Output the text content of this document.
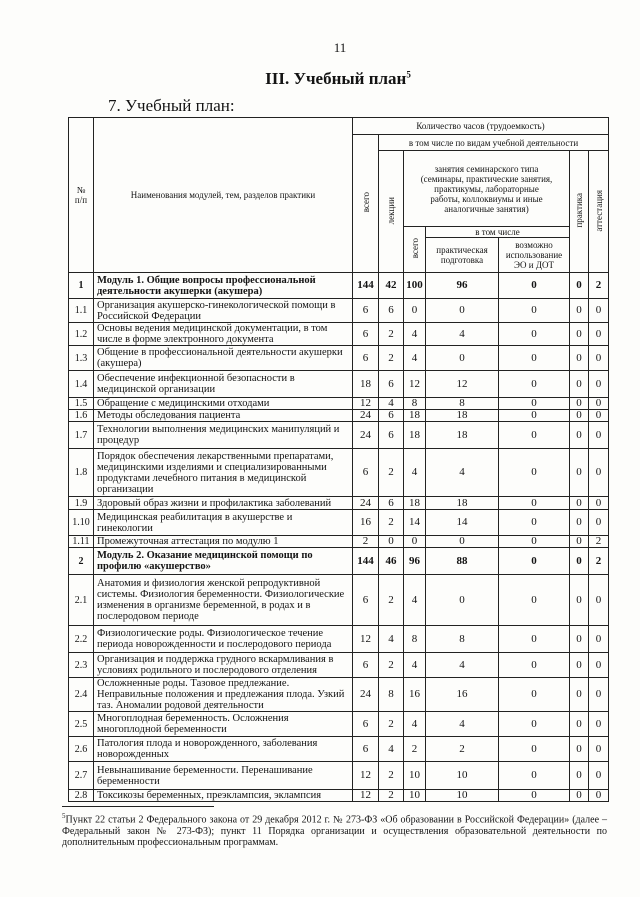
11
III. Учебный план$^5$
7. Учебный план:
№ п/п	Наименования модулей, тем, разделов практики	Количество часов (трудоемкость)						
		всего	в том числе по видам учебной деятельности					
			лекции	занятия семинарского типа (семинары, практические занятия, практикумы, лабораторные работы, коллоквиумы и иные аналогичные занятия)			практика	аттестация
				всего	в том числе			
					практическая подготовка	возможно использование ЭО и ДОТ		
1	Модуль 1. Общие вопросы профессиональной деятельности акушерки (акушера)	144	42	100	96	0	0	2
1.1	Организация акушерско-гинекологической помощи в Российской Федерации	6	6	0	0	0	0	0
1.2	Основы ведения медицинской документации, в том числе в форме электронного документа	6	2	4	4	0	0	0
1.3	Общение в профессиональной деятельности акушерки (акушера)	6	2	4	0	0	0	0
1.4	Обеспечение инфекционной безопасности в медицинской организации	18	6	12	12	0	0	0
1.5	Обращение с медицинскими отходами	12	4	8	8	0	0	0
1.6	Методы обследования пациента	24	6	18	18	0	0	0
1.7	Технологии выполнения медицинских манипуляций и процедур	24	6	18	18	0	0	0
1.8	Порядок обеспечения лекарственными препаратами, медицинскими изделиями и специализированными продуктами лечебного питания в медицинской организации	6	2	4	4	0	0	0
1.9	Здоровый образ жизни и профилактика заболеваний	24	6	18	18	0	0	0
1.10	Медицинская реабилитация в акушерстве и гинекологии	16	2	14	14	0	0	0
1.11	Промежуточная аттестация по модулю 1	2	0	0	0	0	0	2
2	Модуль 2. Оказание медицинской помощи по профилю «акушерство»	144	46	96	88	0	0	2
2.1	Анатомия и физиология женской репродуктивной системы. Физиология беременности. Физиологические изменения в организме беременной, в родах и в послеродовом периоде	6	2	4	0	0	0	0
2.2	Физиологические роды. Физиологическое течение периода новорожденности и послеродового периода	12	4	8	8	0	0	0
2.3	Организация и поддержка грудного вскармливания в условиях родильного и послеродового отделения	6	2	4	4	0	0	0
2.4	Осложненные роды. Тазовое предлежание. Неправильные положения и предлежания плода. Узкий таз. Аномалии родовой деятельности	24	8	16	16	0	0	0
2.5	Многоплодная беременность. Осложнения многоплодной беременности	6	2	4	4	0	0	0
2.6	Патология плода и новорожденного, заболевания новорожденных	6	4	2	2	0	0	0
2.7	Невынашивание беременности. Перенашивание беременности	12	2	10	10	0	0	0
2.8	Токсикозы беременных, преэклампсия, эклампсия	12	2	10	10	0	0	0
$^5$Пункт 22 статьи 2 Федерального закона от 29 декабря 2012 г. № 273-ФЗ «Об образовании в Российской Федерации» (далее – Федеральный закон № 273-ФЗ); пункт 11 Порядка организации и осуществления образовательной деятельности по дополнительным профессиональным программам.
